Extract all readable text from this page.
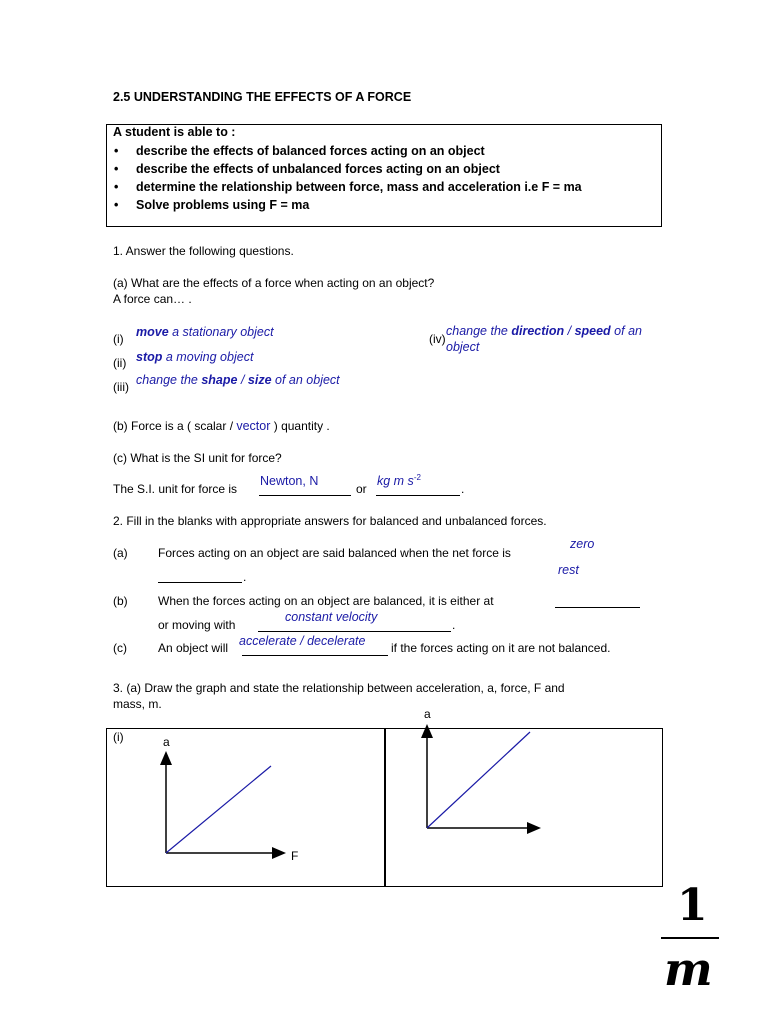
2.5 UNDERSTANDING THE EFFECTS OF A FORCE
A student is able to :
• describe the effects of balanced forces acting on an object
• describe the effects of unbalanced forces acting on an object
• determine the relationship between force, mass and acceleration i.e F = ma
• Solve problems using F = ma
1. Answer the following questions.
(a) What are the effects of a force when acting on an object?
A force can… .
(i) move a stationary object
(ii) stop a moving object
(iii) change the shape / size of an object
(iv)
change the direction / speed of an
object
(b) Force is a ( scalar / vector ) quantity .
(c) What is the SI unit for force?
The S.I. unit for force is
Newton, N
or
kg m $s^{-2}$
.
2. Fill in the blanks with appropriate answers for balanced and unbalanced forces.
(a)	Forces acting on an object are said balanced when the net force is
zero
.
(b)	When the forces acting on an object are balanced, it is either at
rest
or moving with
constant velocity
.
(c)	An object will accelerate / decelerate if the forces acting on it are not balanced.
3. (a) Draw the graph and state the relationship between acceleration, a, force, F and
mass, m.
(i)	a
F
a
1
m
